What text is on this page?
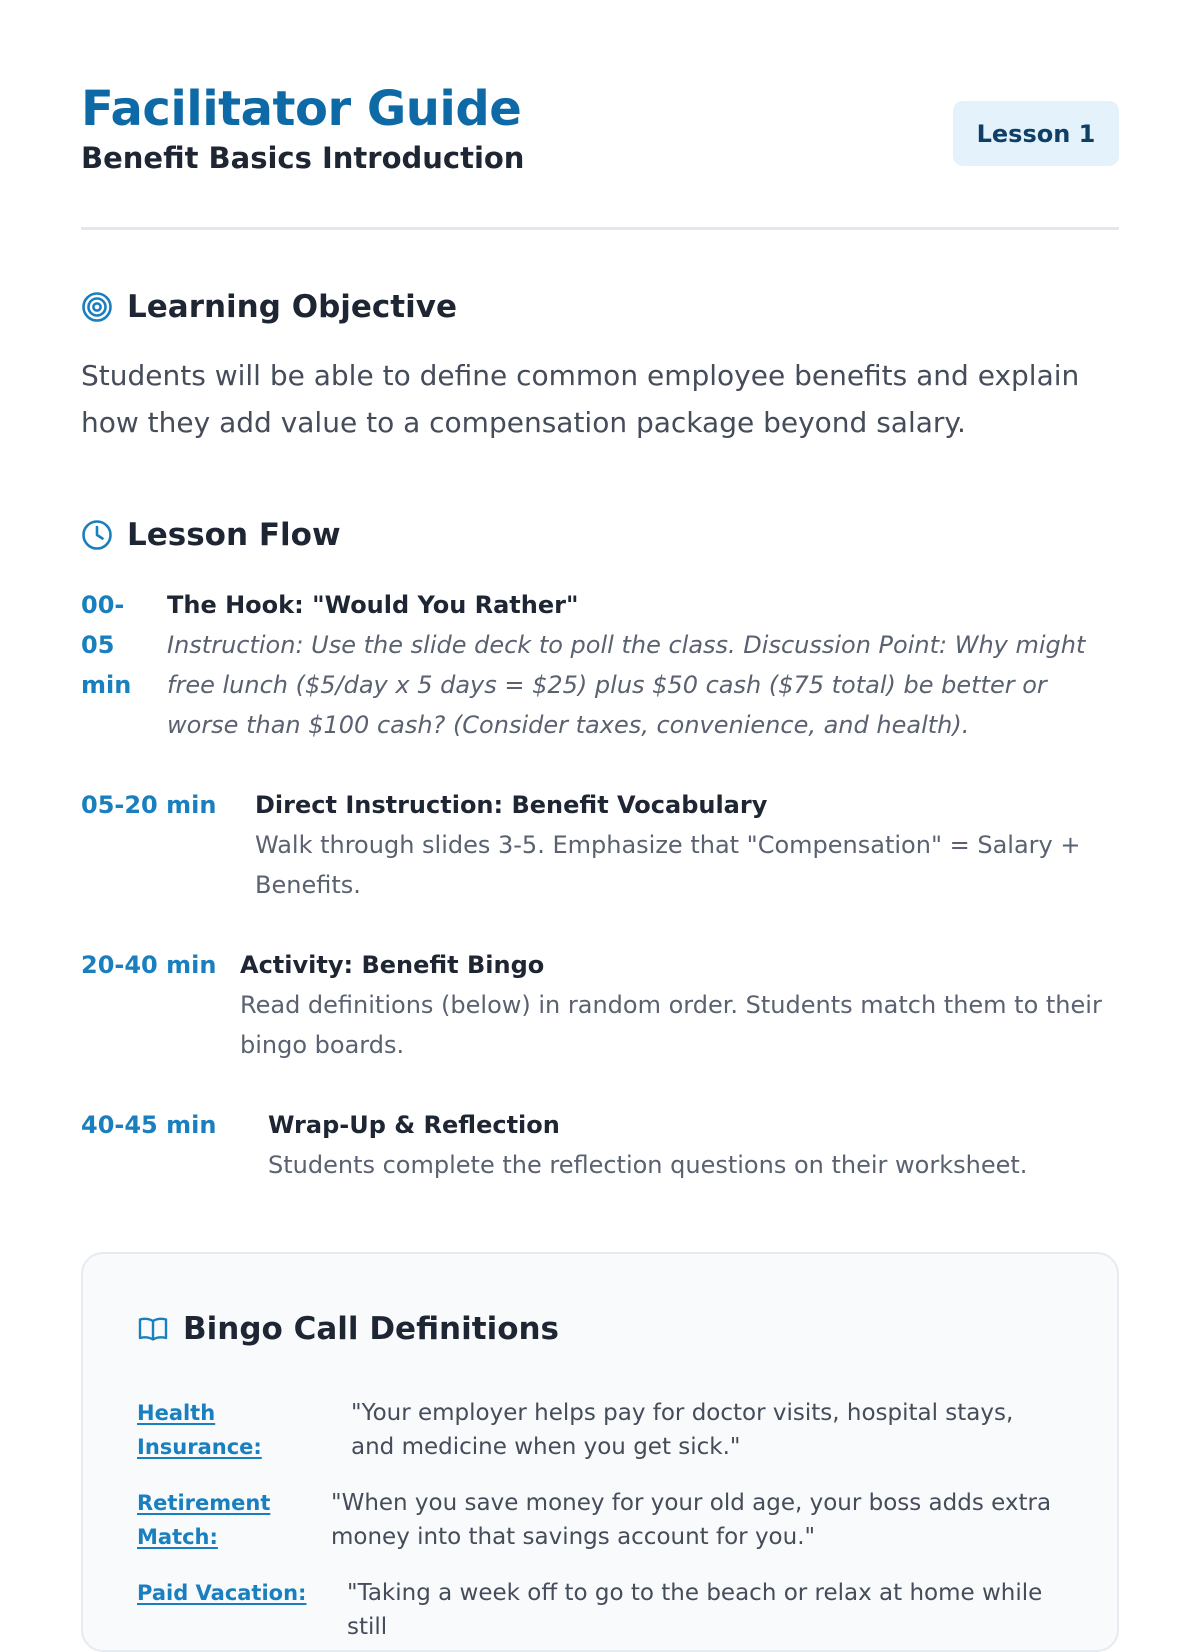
Facilitator Guide
Benefit Basics Introduction
Lesson 1
Learning Objective
Students will be able to define common employee benefits and explain how they add value to a compensation package beyond salary.
Lesson Flow
00-05 min
The Hook: "Would You Rather"
Instruction: Use the slide deck to poll the class. Discussion Point: Why might free lunch ($5/day x 5 days = $25) plus $50 cash ($75 total) be better or worse than $100 cash? (Consider taxes, convenience, and health).
05-20 min	Direct Instruction: Benefit Vocabulary
Walk through slides 3-5. Emphasize that "Compensation" = Salary + Benefits.
20-40 min Activity: Benefit Bingo
Read definitions (below) in random order. Students match them to their bingo boards.
40-45 min	Wrap-Up & Reflection
Students complete the reflection questions on their worksheet.
Bingo Call Definitions
Health Insurance:
"Your employer helps pay for doctor visits, hospital stays, and medicine when you get sick."
Retirement Match:
"When you save money for your old age, your boss adds extra money into that savings account for you."
Paid Vacation:	"Taking a week off to go to the beach or relax at home while still
